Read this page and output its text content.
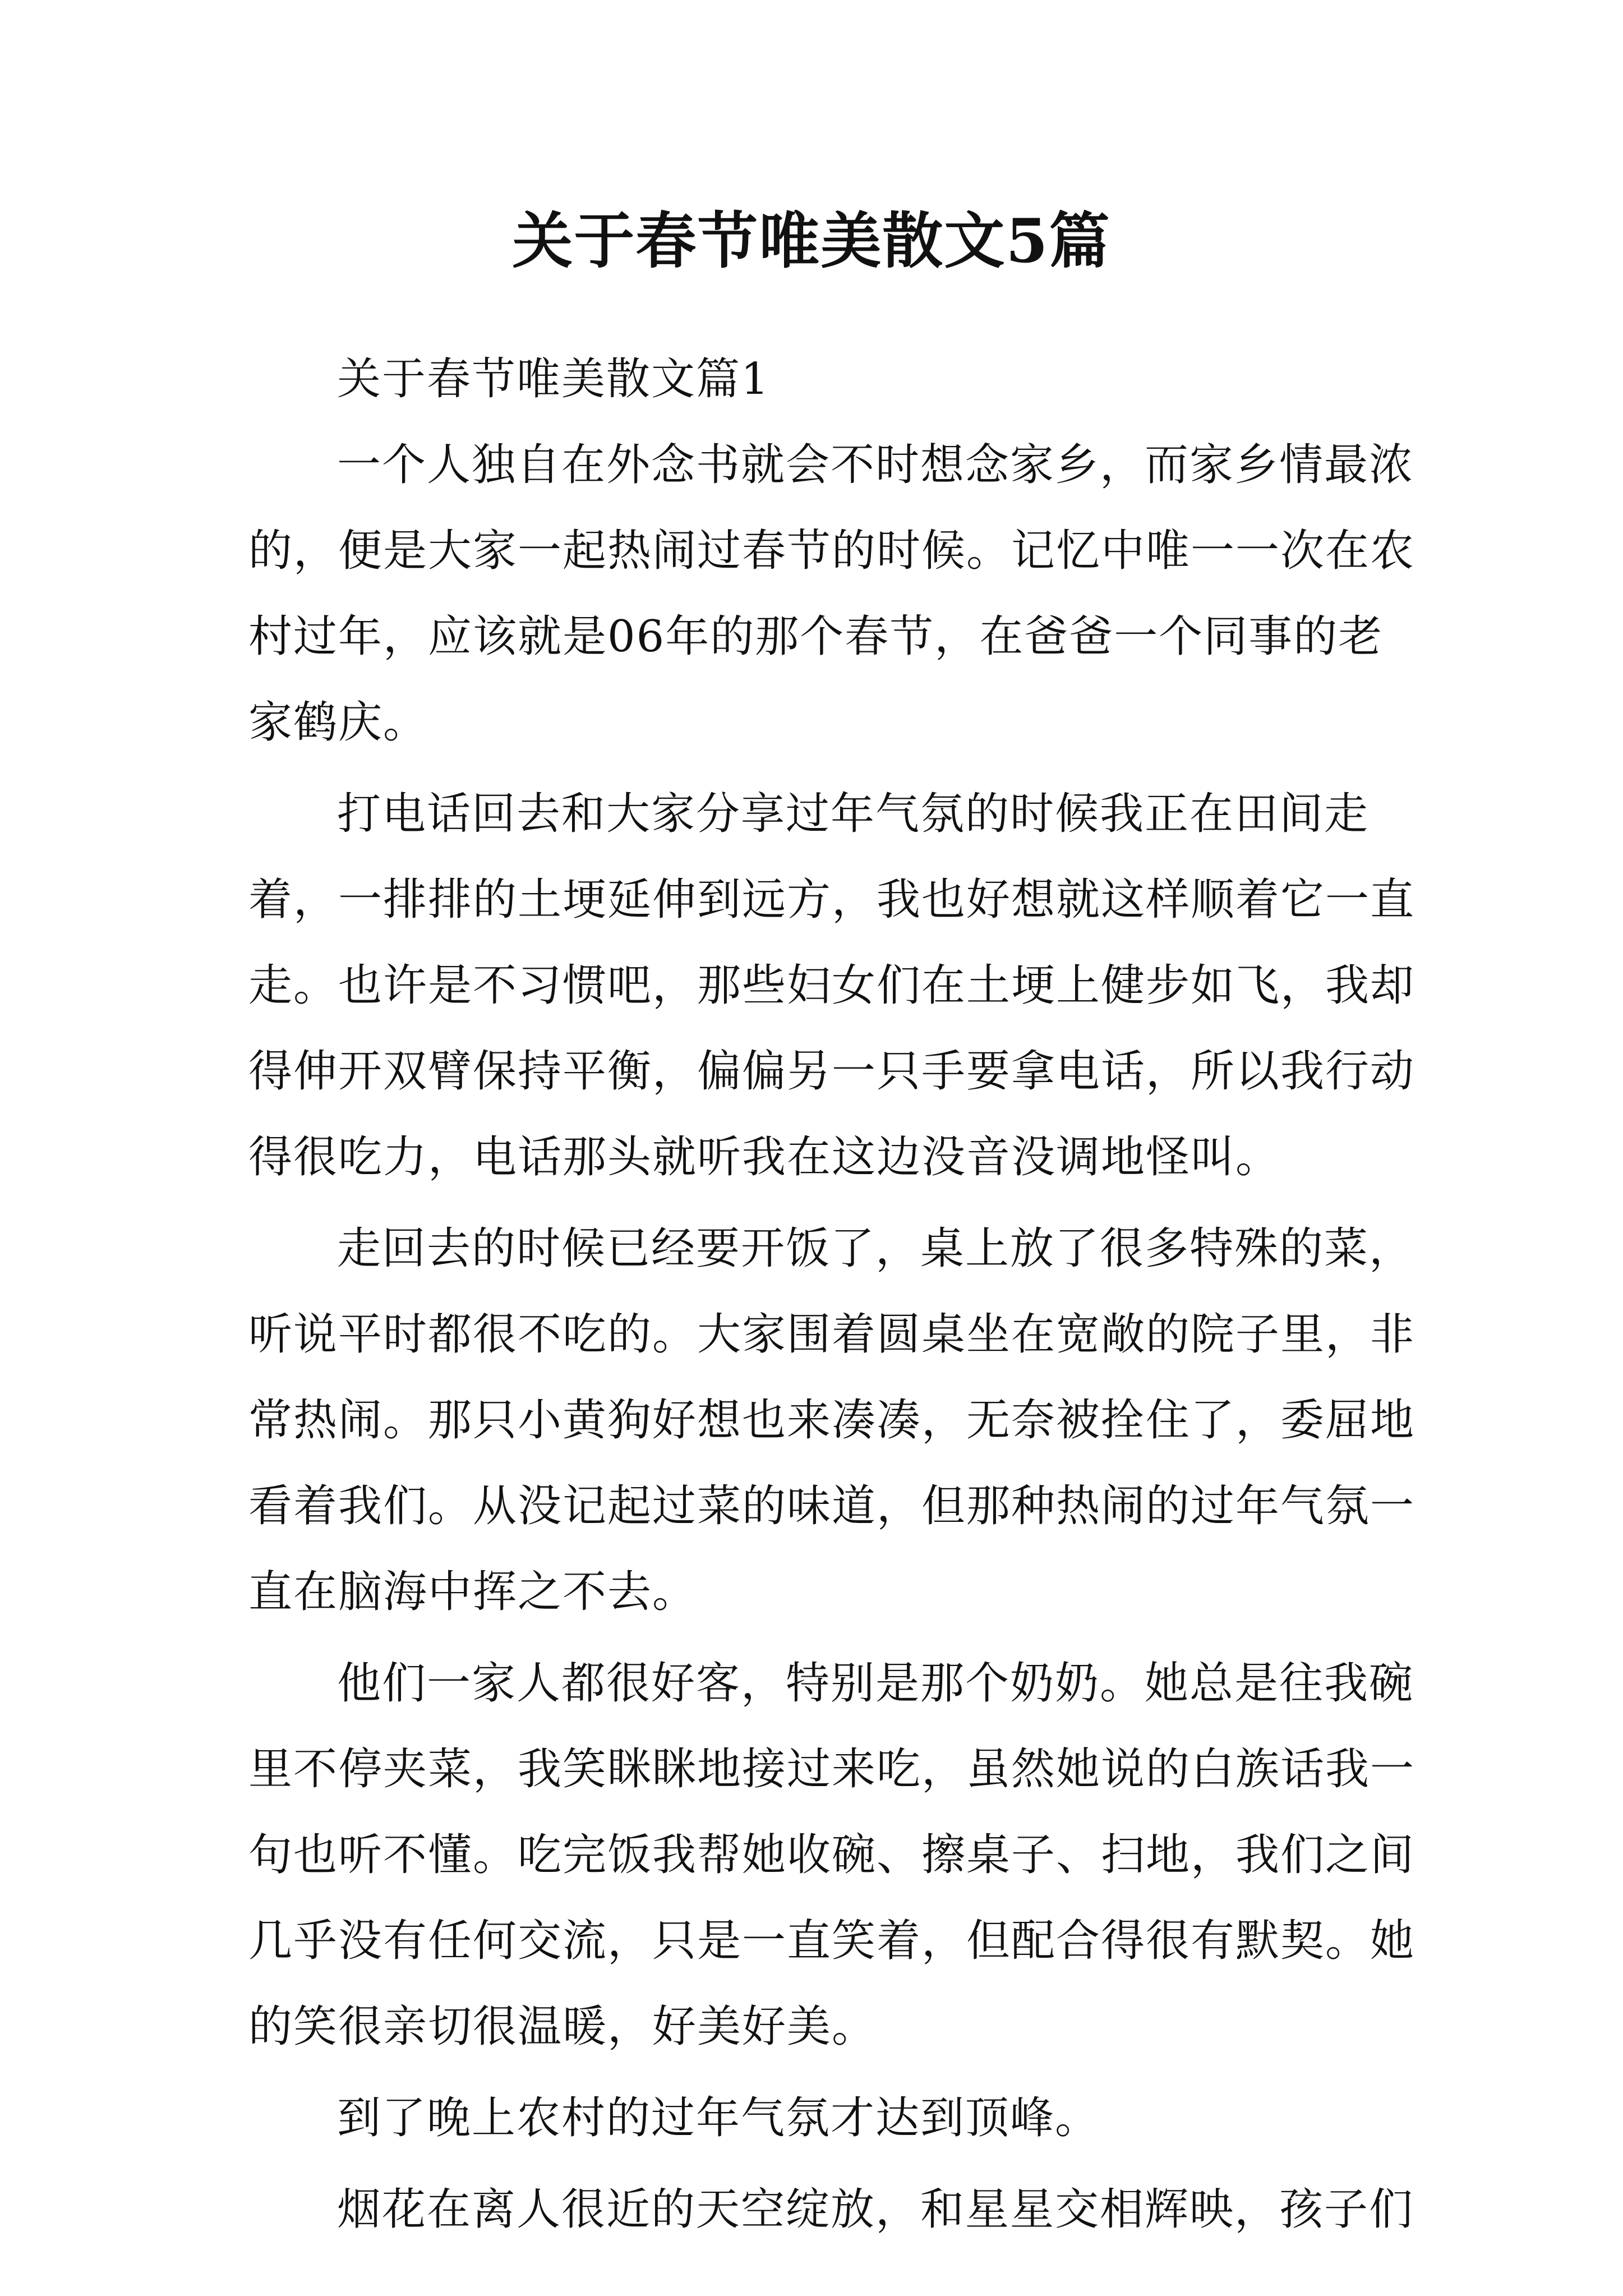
关于春节唯美散文5篇

关于春节唯美散文篇1

一个人独自在外念书就会不时想念家乡，而家乡情最浓

的，便是大家一起热闹过春节的时候。记忆中唯一一次在农

村过年，应该就是06年的那个春节，在爸爸一个同事的老

家鹤庆。

打电话回去和大家分享过年气氛的时候我正在田间走

着，一排排的土埂延伸到远方，我也好想就这样顺着它一直

走。也许是不习惯吧，那些妇女们在土埂上健步如飞，我却

得伸开双臂保持平衡，偏偏另一只手要拿电话，所以我行动

得很吃力，电话那头就听我在这边没音没调地怪叫。

走回去的时候已经要开饭了，桌上放了很多特殊的菜，

听说平时都很不吃的。大家围着圆桌坐在宽敞的院子里，非

常热闹。那只小黄狗好想也来凑凑，无奈被拴住了，委屈地

看着我们。从没记起过菜的味道，但那种热闹的过年气氛一

直在脑海中挥之不去。

他们一家人都很好客，特别是那个奶奶。她总是往我碗

里不停夹菜，我笑眯眯地接过来吃，虽然她说的白族话我一

句也听不懂。吃完饭我帮她收碗、擦桌子、扫地，我们之间

几乎没有任何交流，只是一直笑着，但配合得很有默契。她

的笑很亲切很温暖，好美好美。

到了晚上农村的过年气氛才达到顶峰。

烟花在离人很近的天空绽放，和星星交相辉映，孩子们
